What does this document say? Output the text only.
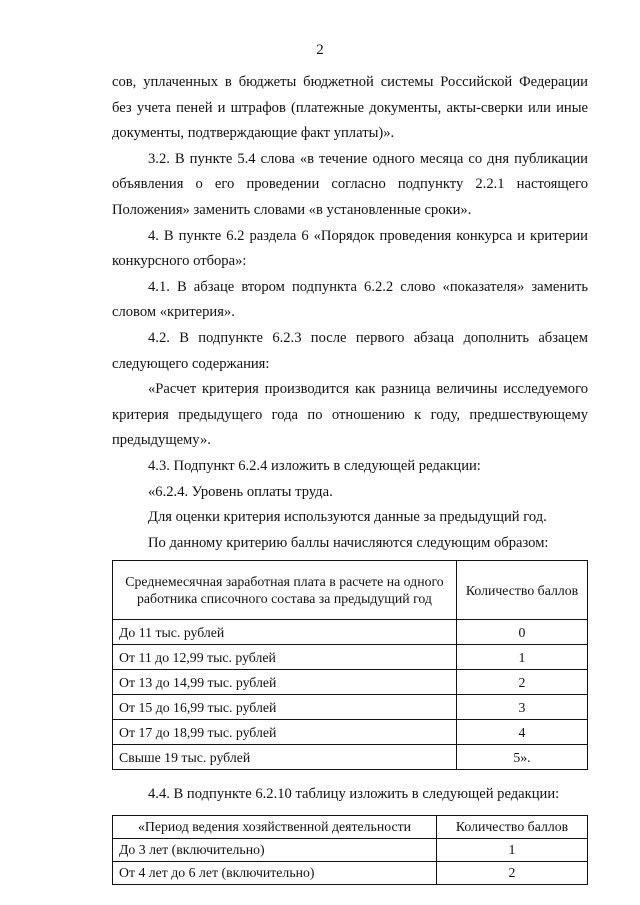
2

сов, уплаченных в бюджеты бюджетной системы Российской Федерации без учета пеней и штрафов (платежные документы, акты-сверки или иные документы, подтверждающие факт уплаты)».

3.2. В пункте 5.4 слова «в течение одного месяца со дня публикации объявления о его проведении согласно подпункту 2.2.1 настоящего Положения» заменить словами «в установленные сроки».

4. В пункте 6.2 раздела 6 «Порядок проведения конкурса и критерии конкурсного отбора»:

4.1. В абзаце втором подпункта 6.2.2 слово «показателя» заменить словом «критерия».

4.2. В подпункте 6.2.3 после первого абзаца дополнить абзацем следующего содержания:

«Расчет критерия производится как разница величины исследуемого критерия предыдущего года по отношению к году, предшествующему предыдущему».

4.3. Подпункт 6.2.4 изложить в следующей редакции:

«6.2.4. Уровень оплаты труда.

Для оценки критерия используются данные за предыдущий год.

По данному критерию баллы начисляются следующим образом:

Среднемесячная заработная плата в расчете на одного работника списочного состава за предыдущий год	Количество баллов
До 11 тыс. рублей	0
От 11 до 12,99 тыс. рублей	1
От 13 до 14,99 тыс. рублей	2
От 15 до 16,99 тыс. рублей	3
От 17 до 18,99 тыс. рублей	4
Свыше 19 тыс. рублей	5».

4.4. В подпункте 6.2.10 таблицу изложить в следующей редакции:

«Период ведения хозяйственной деятельности	Количество баллов
До 3 лет (включительно)	1
От 4 лет до 6 лет (включительно)	2
